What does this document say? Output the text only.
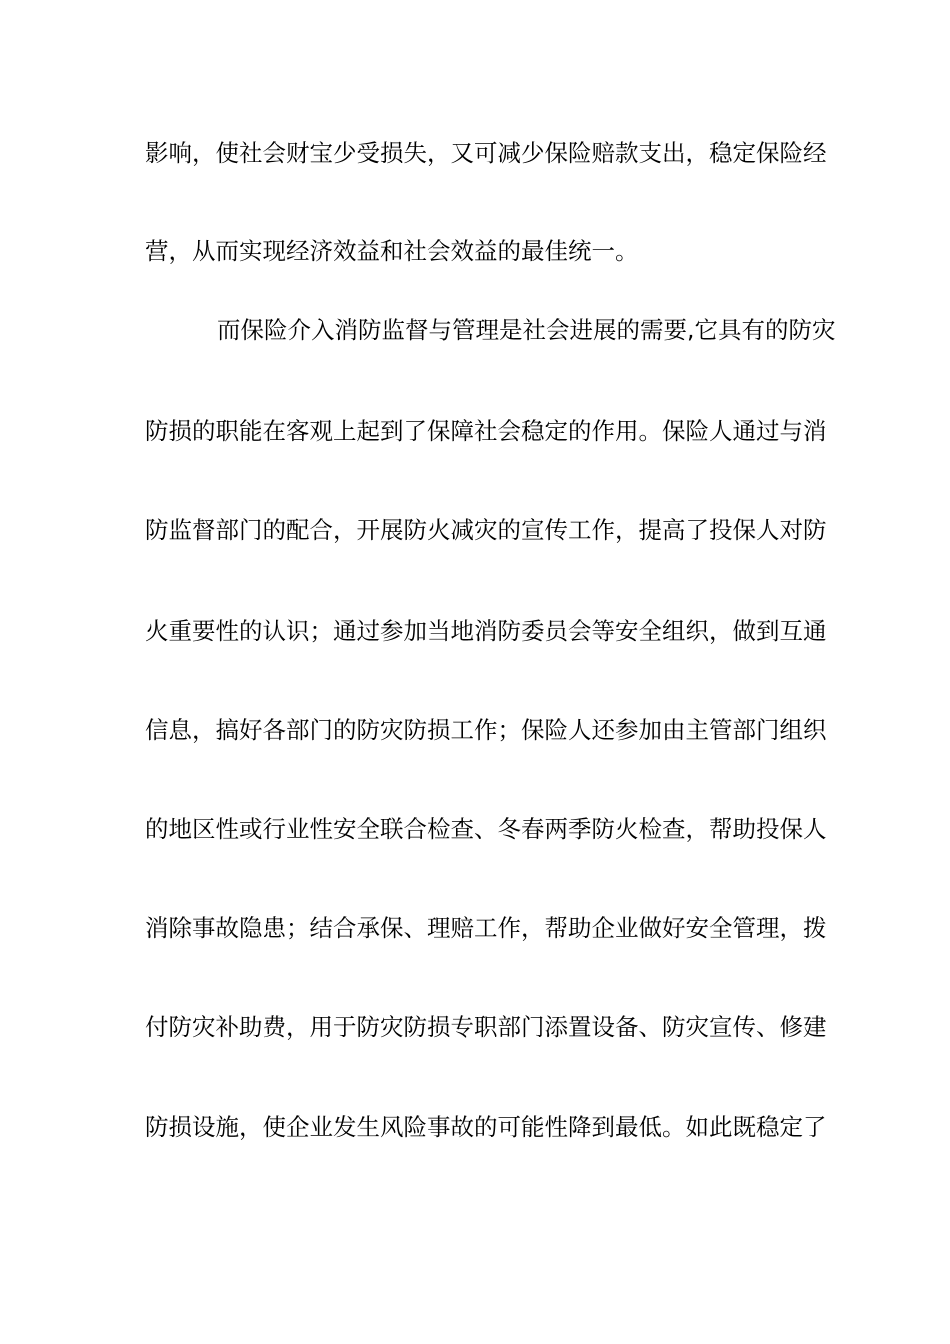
影响，使社会财宝少受损失，又可减少保险赔款支出，稳定保险经
营，从而实现经济效益和社会效益的最佳统一。
而保险介入消防监督与管理是社会进展的需要,它具有的防灾
防损的职能在客观上起到了保障社会稳定的作用。保险人通过与消
防监督部门的配合，开展防火减灾的宣传工作，提高了投保人对防
火重要性的认识；通过参加当地消防委员会等安全组织，做到互通
信息，搞好各部门的防灾防损工作；保险人还参加由主管部门组织
的地区性或行业性安全联合检查、冬春两季防火检查，帮助投保人
消除事故隐患；结合承保、理赔工作，帮助企业做好安全管理，拨
付防灾补助费，用于防灾防损专职部门添置设备、防灾宣传、修建
防损设施，使企业发生风险事故的可能性降到最低。如此既稳定了
